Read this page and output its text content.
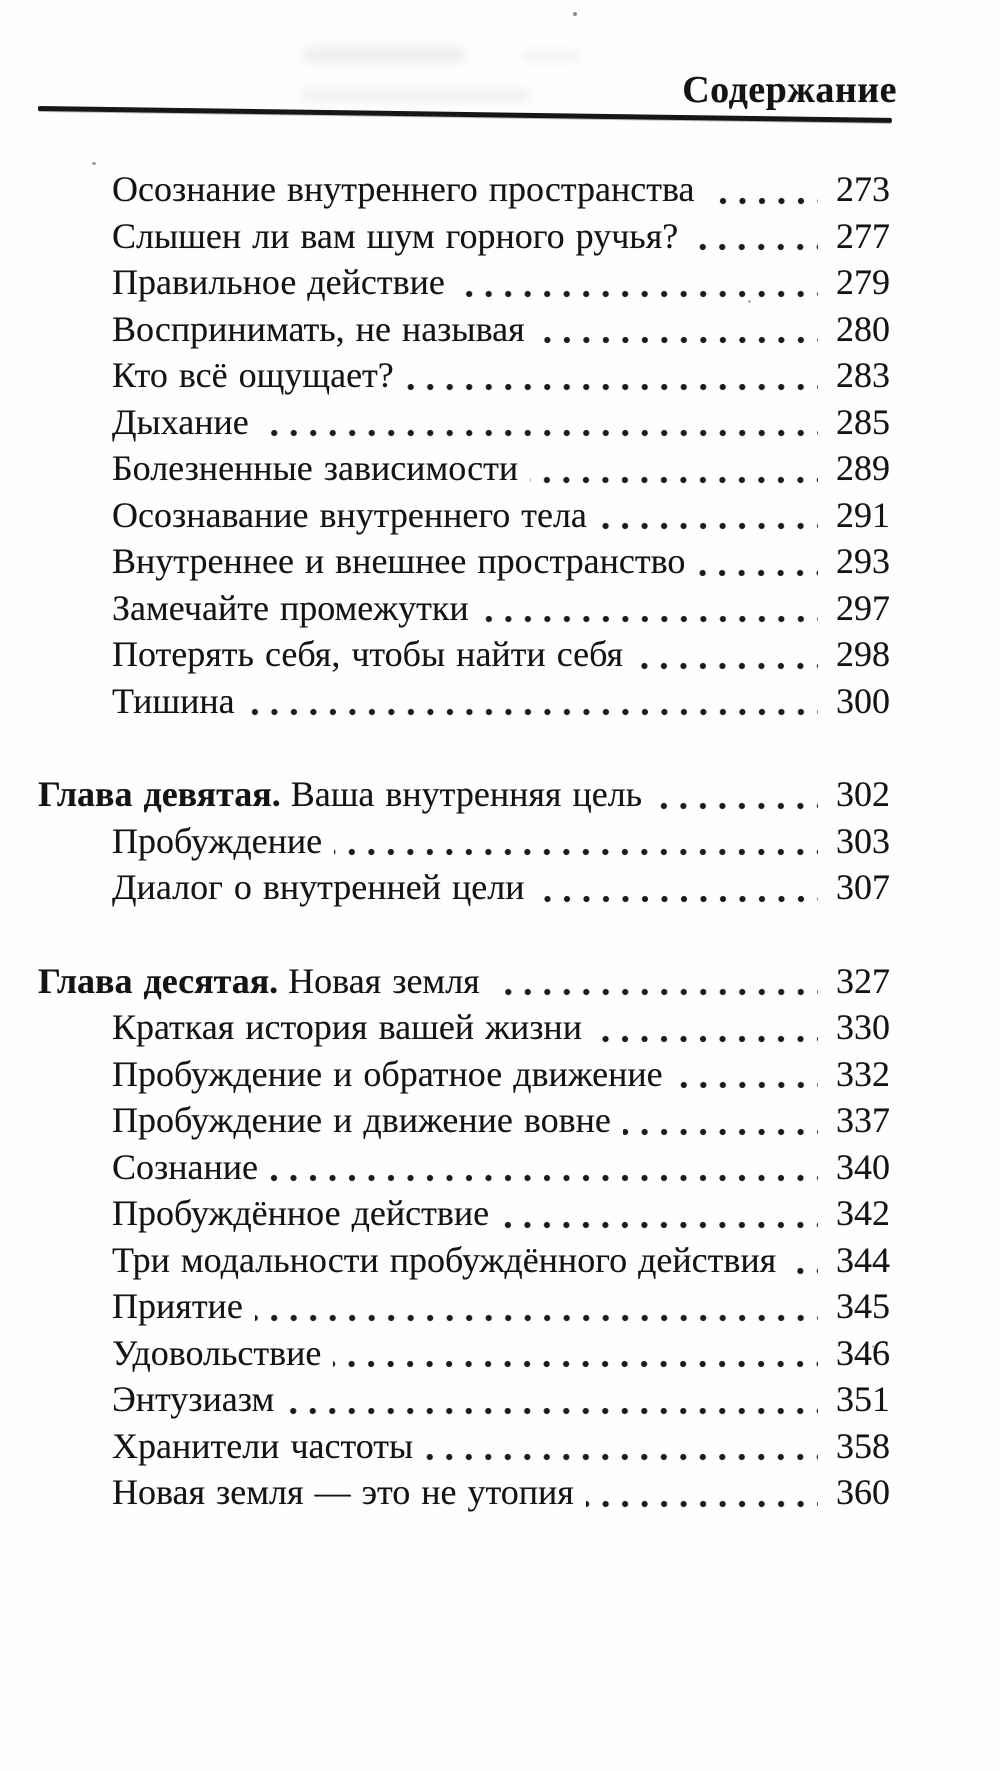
Содержание
Осознание внутреннего пространства	273
Слышен ли вам шум горного ручья?	277
Правильное действие	279
Воспринимать, не называя	280
Кто всё ощущает?	283
Дыхание	285
Болезненные зависимости	289
Осознавание внутреннего тела	291
Внутреннее и внешнее пространство	293
Замечайте промежутки	297
Потерять себя, чтобы найти себя	298
Тишина	300
Глава девятая. Ваша внутренняя цель	302
Пробуждение	303
Диалог о внутренней цели	307
Глава десятая. Новая земля	327
Краткая история вашей жизни	330
Пробуждение и обратное движение	332
Пробуждение и движение вовне	337
Сознание	340
Пробуждённое действие	342
Три модальности пробуждённого действия 344
Приятие	345
Удовольствие	346
Энтузиазм	351
Хранители частоты	358
Новая земля — это не утопия	360
